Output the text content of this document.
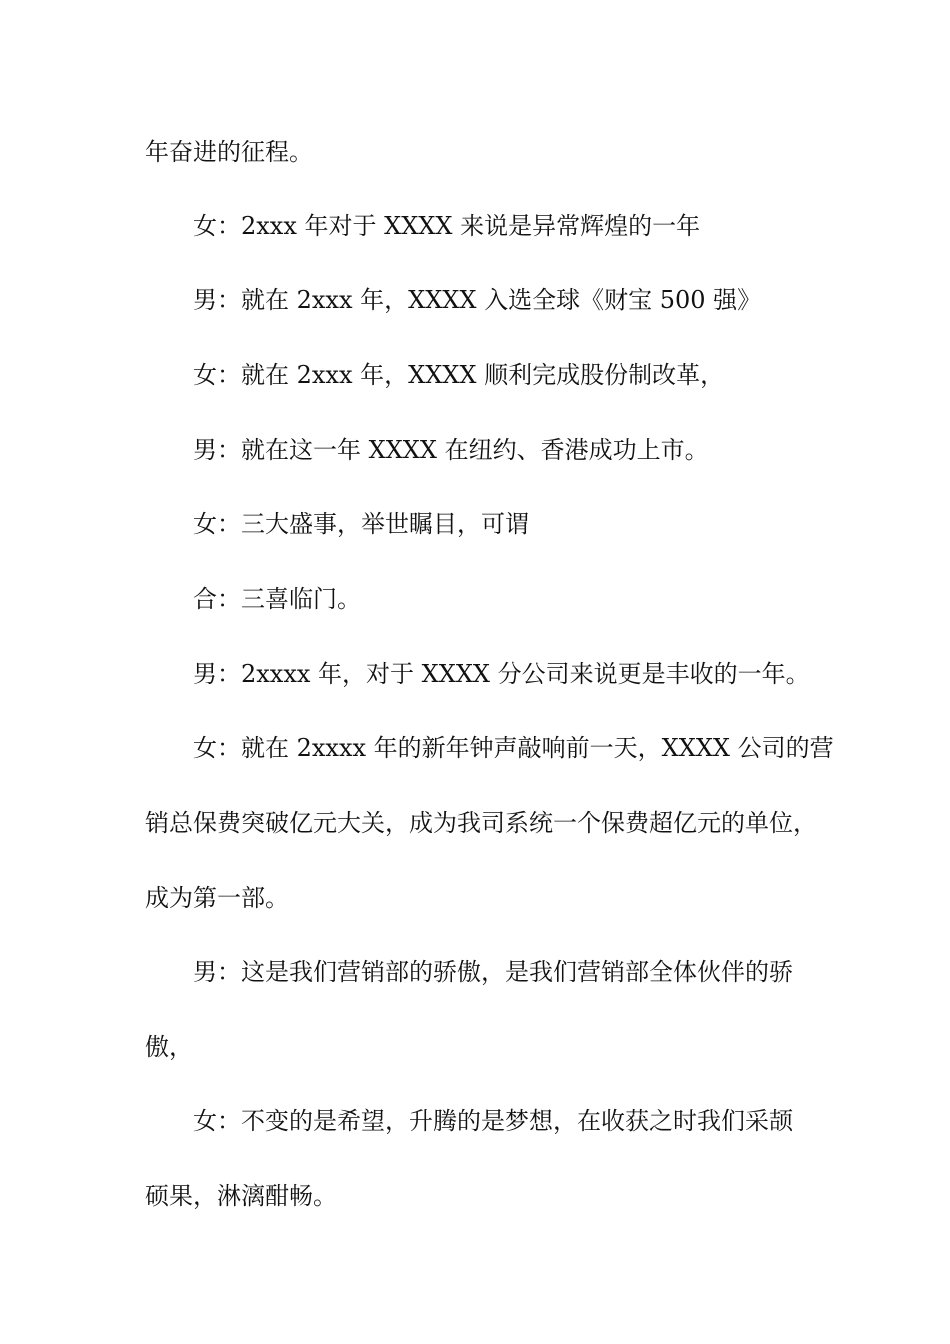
年奋进的征程。
女：2xxx 年对于 XXXX 来说是异常辉煌的一年
男：就在 2xxx 年，XXXX 入选全球《财宝 500 强》
女：就在 2xxx 年，XXXX 顺利完成股份制改革，
男：就在这一年 XXXX 在纽约、香港成功上市。
女：三大盛事，举世瞩目，可谓
合：三喜临门。
男：2xxxx 年，对于 XXXX 分公司来说更是丰收的一年。
女：就在 2xxxx 年的新年钟声敲响前一天，XXXX 公司的营
销总保费突破亿元大关，成为我司系统一个保费超亿元的单位，
成为第一部。
男：这是我们营销部的骄傲，是我们营销部全体伙伴的骄
傲，
女：不变的是希望，升腾的是梦想，在收获之时我们采颉
硕果，淋漓酣畅。
